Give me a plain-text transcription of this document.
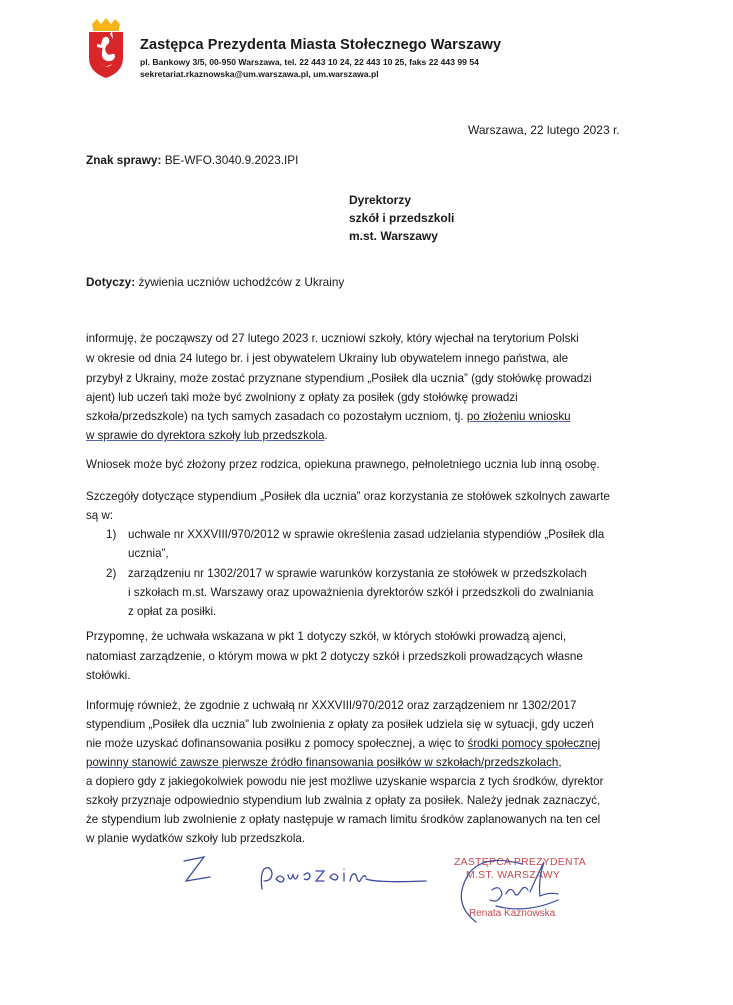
Zastępca Prezydenta Miasta Stołecznego Warszawy
pl. Bankowy 3/5, 00-950 Warszawa, tel. 22 443 10 24, 22 443 10 25, faks 22 443 99 54
sekretariat.rkaznowska@um.warszawa.pl, um.warszawa.pl
Warszawa, 22 lutego 2023 r.
Znak sprawy: BE-WFO.3040.9.2023.IPI
Dyrektorzy
szkół i przedszkoli
m.st. Warszawy
Dotyczy: żywienia uczniów uchodźców z Ukrainy
informuję, że począwszy od 27 lutego 2023 r. uczniowi szkoły, który wjechał na terytorium Polski
w okresie od dnia 24 lutego br. i jest obywatelem Ukrainy lub obywatelem innego państwa, ale
przybył z Ukrainy, może zostać przyznane stypendium „Posiłek dla ucznia” (gdy stołówkę prowadzi
ajent) lub uczeń taki może być zwolniony z opłaty za posiłek (gdy stołówkę prowadzi
szkoła/przedszkole) na tych samych zasadach co pozostałym uczniom, tj. po złożeniu wniosku
w sprawie do dyrektora szkoły lub przedszkola.
Wniosek może być złożony przez rodzica, opiekuna prawnego, pełnoletniego ucznia lub inną osobę.
Szczegóły dotyczące stypendium „Posiłek dla ucznia” oraz korzystania ze stołówek szkolnych zawarte
są w:
1) uchwale nr XXXVIII/970/2012 w sprawie określenia zasad udzielania stypendiów „Posiłek dla
ucznia”,
2) zarządzeniu nr 1302/2017 w sprawie warunków korzystania ze stołówek w przedszkolach
i szkołach m.st. Warszawy oraz upoważnienia dyrektorów szkół i przedszkoli do zwalniania
z opłat za posiłki.
Przypomnę, że uchwała wskazana w pkt 1 dotyczy szkół, w których stołówki prowadzą ajenci,
natomiast zarządzenie, o którym mowa w pkt 2 dotyczy szkół i przedszkoli prowadzących własne
stołówki.
Informuję również, że zgodnie z uchwałą nr XXXVIII/970/2012 oraz zarządzeniem nr 1302/2017
stypendium „Posiłek dla ucznia” lub zwolnienia z opłaty za posiłek udziela się w sytuacji, gdy uczeń
nie może uzyskać dofinansowania posiłku z pomocy społecznej, a więc to środki pomocy społecznej
powinny stanowić zawsze pierwsze źródło finansowania posiłków w szkołach/przedszkolach,
a dopiero gdy z jakiegokolwiek powodu nie jest możliwe uzyskanie wsparcia z tych środków, dyrektor
szkoły przyznaje odpowiednio stypendium lub zwalnia z opłaty za posiłek. Należy jednak zaznaczyć,
że stypendium lub zwolnienie z opłaty następuje w ramach limitu środków zaplanowanych na ten cel
w planie wydatków szkoły lub przedszkola.
ZASTĘPCA PREZYDENTA
M.ST. WARSZAWY
Renata Kaznowska
